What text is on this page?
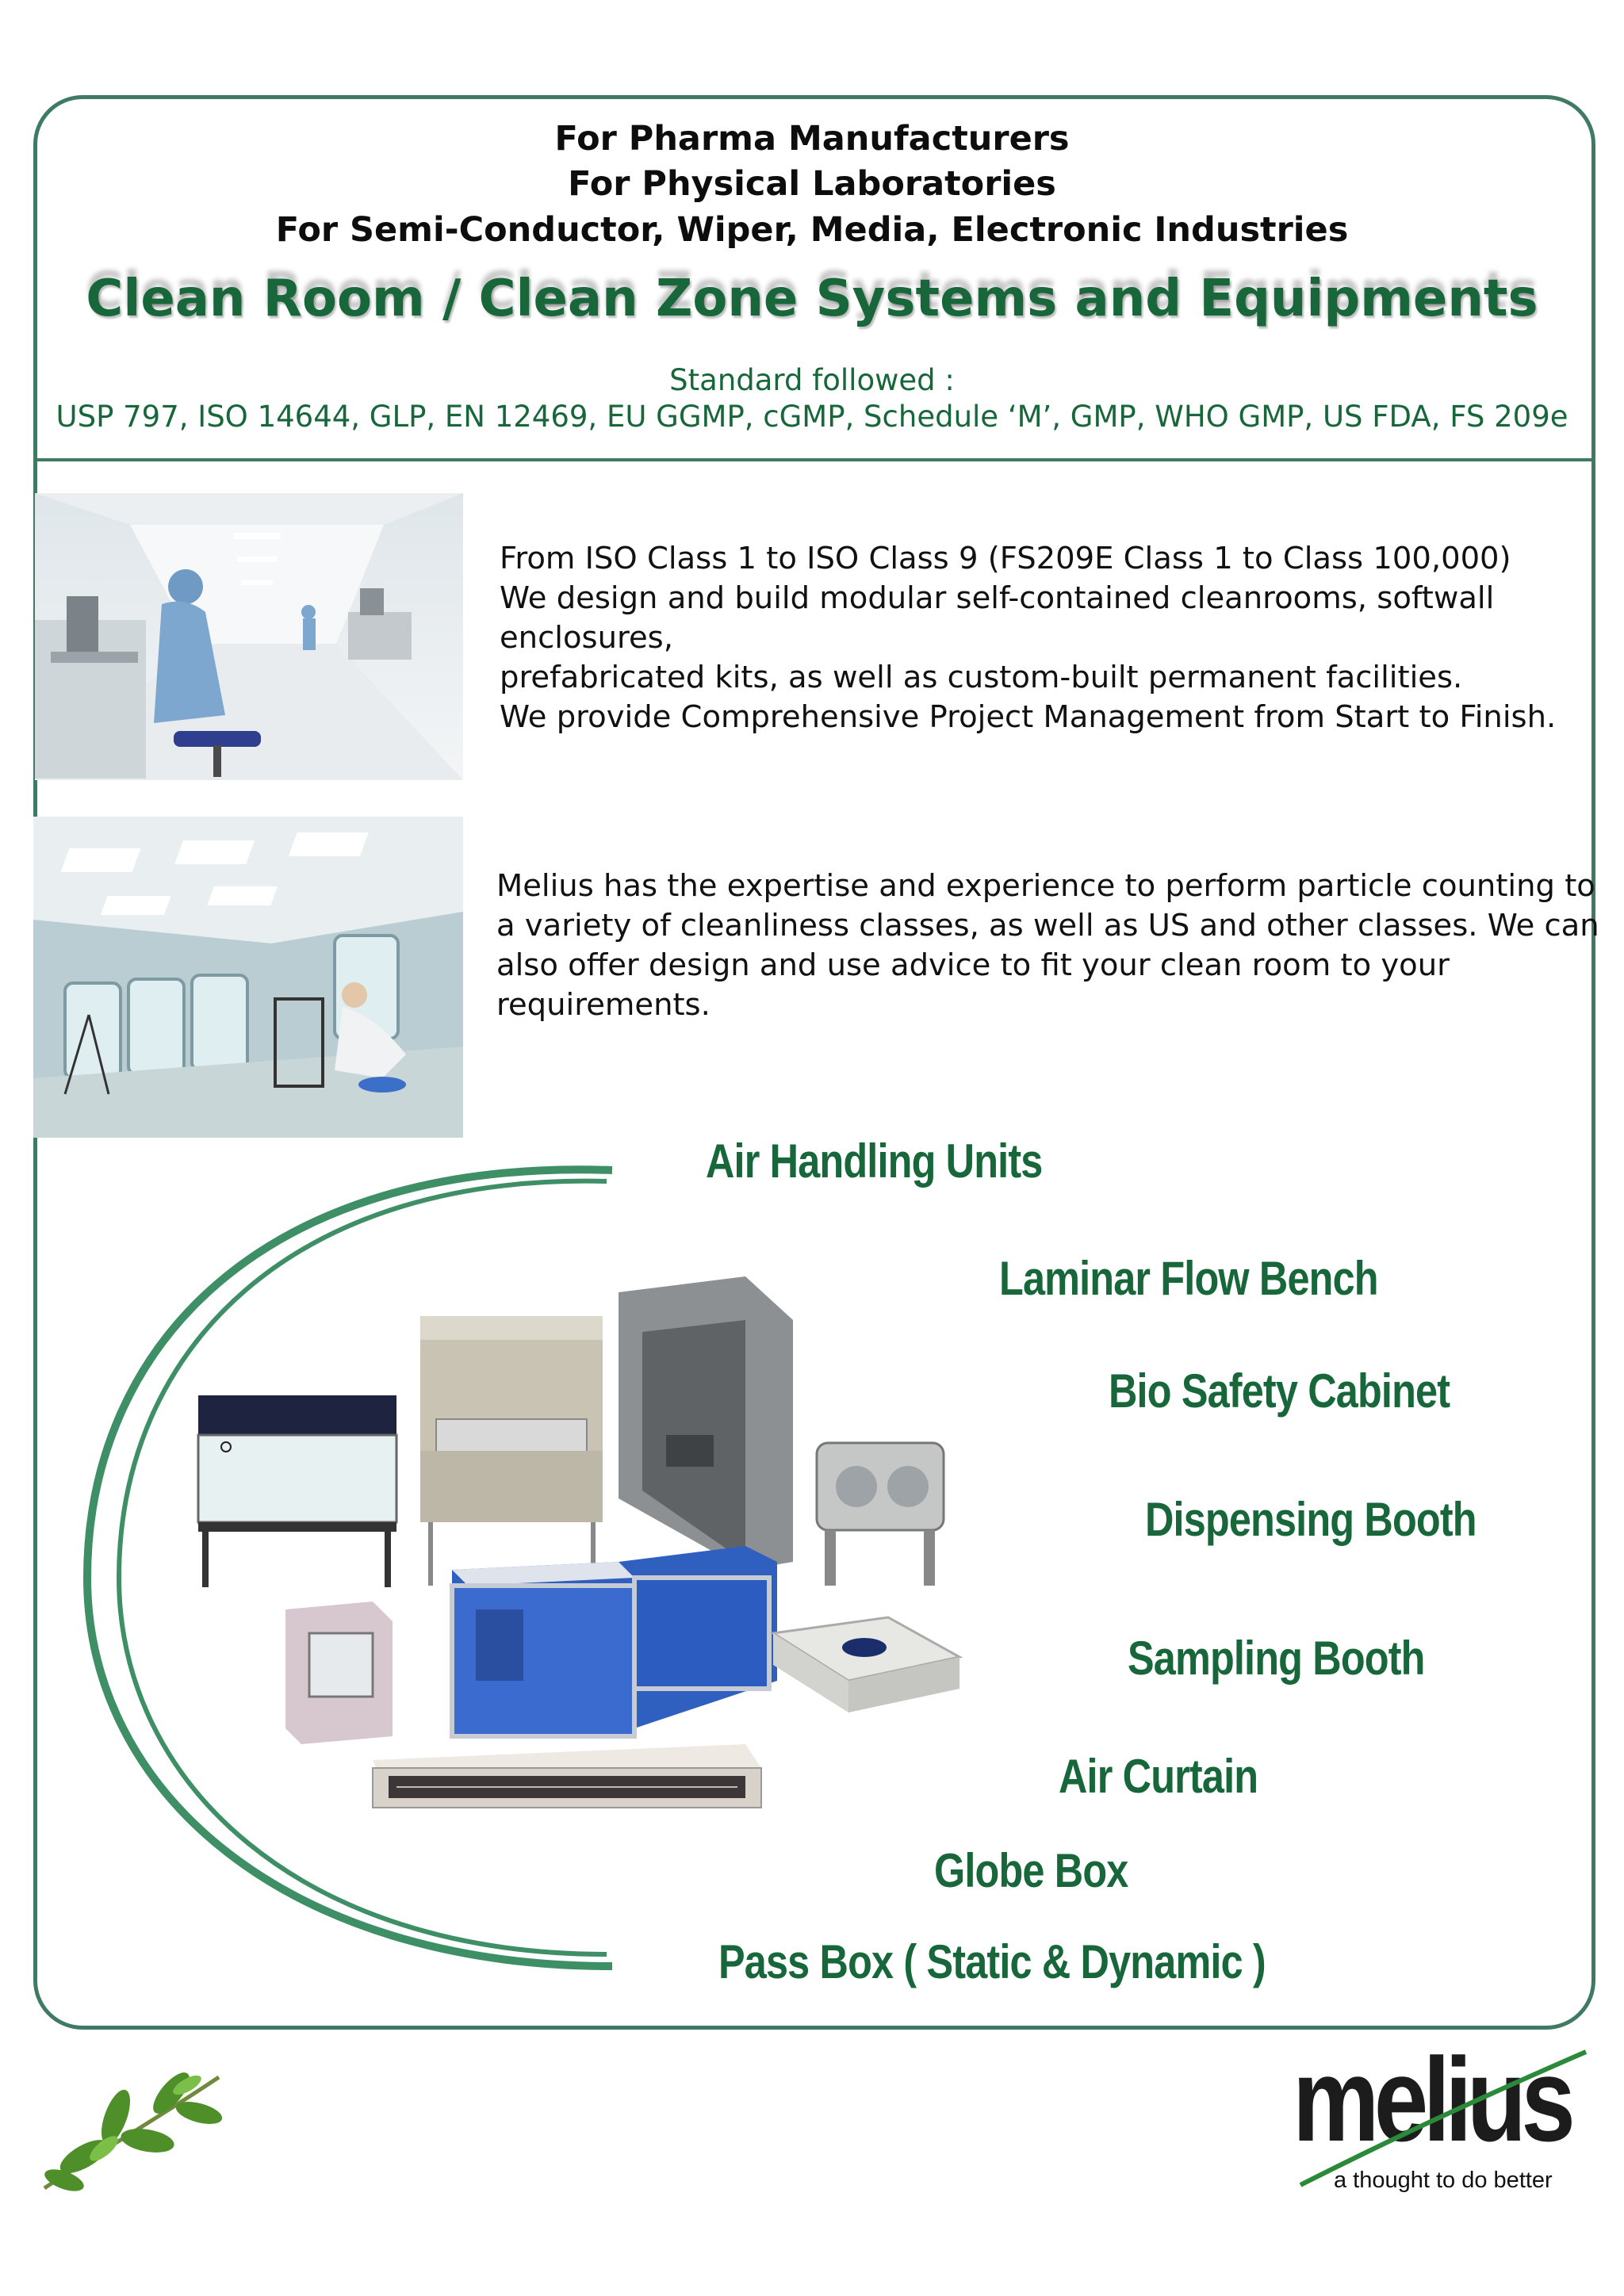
For Pharma Manufacturers
For Physical Laboratories
For Semi-Conductor, Wiper, Media, Electronic Industries
Clean Room / Clean Zone Systems and Equipments
Standard followed :
USP 797, ISO 14644, GLP, EN 12469, EU GGMP, cGMP, Schedule ‘M’, GMP, WHO GMP, US FDA, FS 209e
From ISO Class 1 to ISO Class 9 (FS209E Class 1 to Class 100,000)
We design and build modular self-contained cleanrooms, softwall
enclosures,
prefabricated kits, as well as custom-built permanent facilities.
We provide Comprehensive Project Management from Start to Finish.
Melius has the expertise and experience to perform particle counting to
a variety of cleanliness classes, as well as US and other classes. We can
also offer design and use advice to fit your clean room to your
requirements.
Air Handling Units
Laminar Flow Bench
Bio Safety Cabinet
Dispensing Booth
Sampling Booth
Air Curtain
Globe Box
Pass Box ( Static & Dynamic )
melius
a thought to do better
